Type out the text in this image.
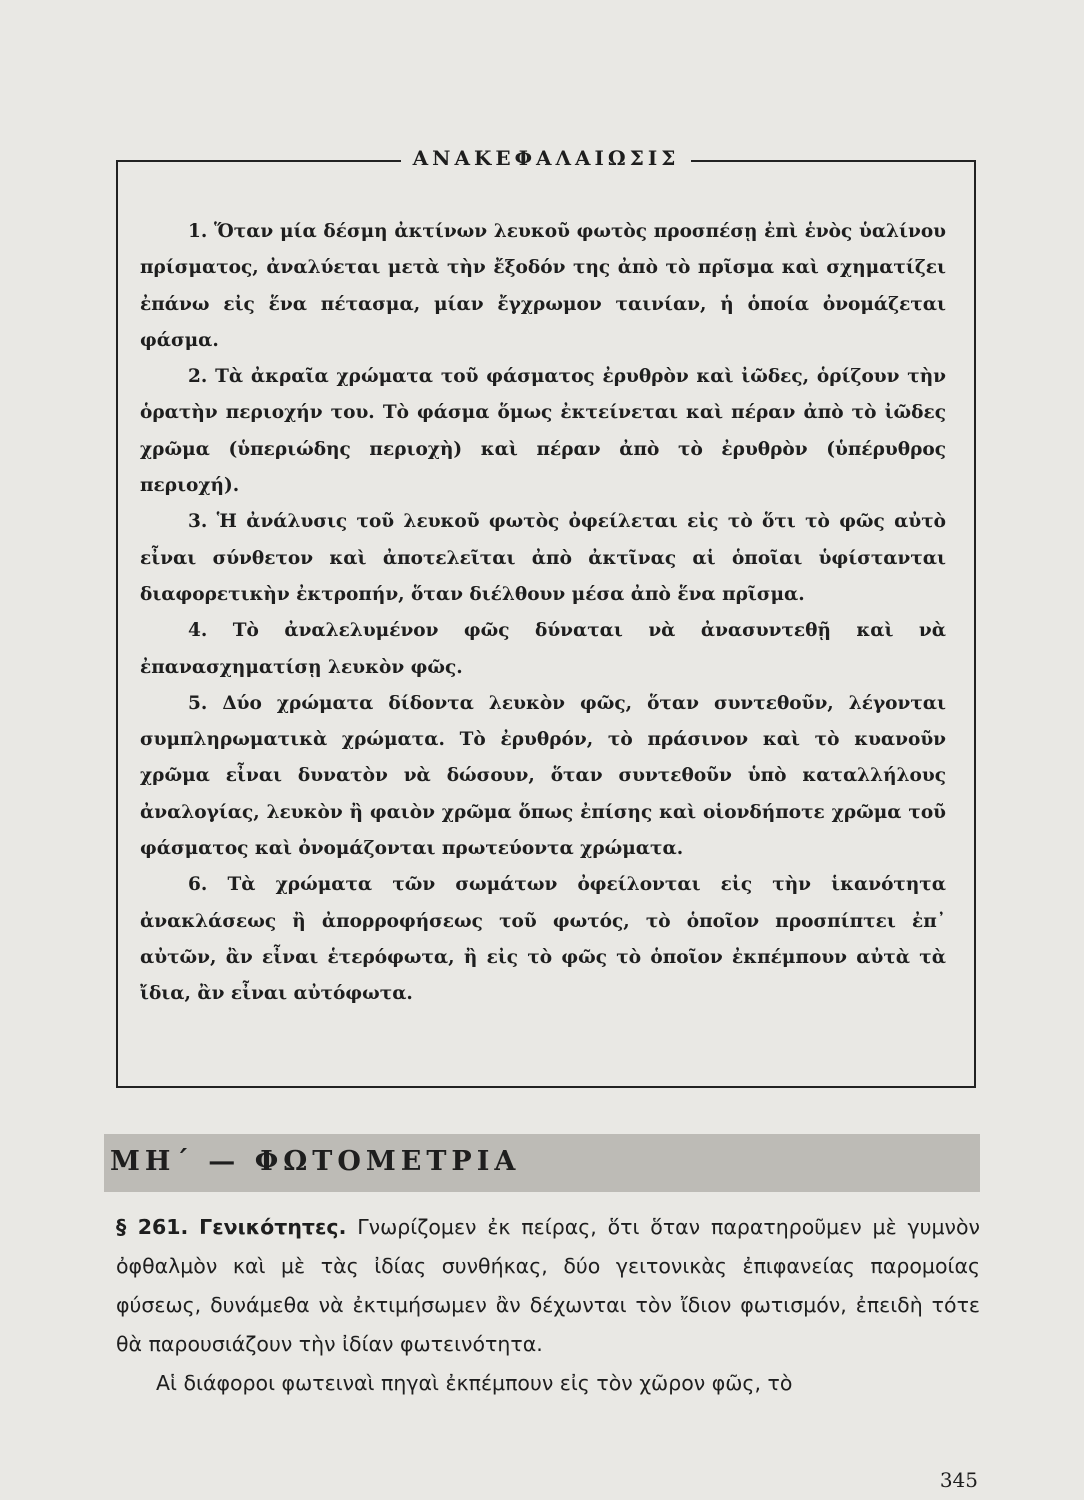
ΑΝΑΚΕΦΑΛΑΙΩΣΙΣ

1. Ὅταν μία δέσμη ἀκτίνων λευκοῦ φωτὸς προσπέσῃ ἐπὶ ἑνὸς ὑαλίνου πρίσματος, ἀναλύεται μετὰ τὴν ἔξοδόν της ἀπὸ τὸ πρῖσμα καὶ σχηματίζει ἐπάνω εἰς ἕνα πέτασμα, μίαν ἔγχρωμον ταινίαν, ἡ ὁποία ὀνομάζεται φάσμα.

2. Τὰ ἀκραῖα χρώματα τοῦ φάσματος ἐρυθρὸν καὶ ἰῶδες, ὁρίζουν τὴν ὁρατὴν περιοχήν του. Τὸ φάσμα ὅμως ἐκτείνεται καὶ πέραν ἀπὸ τὸ ἰῶδες χρῶμα (ὑπεριώδης περιοχὴ) καὶ πέραν ἀπὸ τὸ ἐρυθρὸν (ὑπέρυθρος περιοχή).

3. Ἡ ἀνάλυσις τοῦ λευκοῦ φωτὸς ὀφείλεται εἰς τὸ ὅτι τὸ φῶς αὐτὸ εἶναι σύνθετον καὶ ἀποτελεῖται ἀπὸ ἀκτῖνας αἱ ὁποῖαι ὑφίστανται διαφορετικὴν ἐκτροπήν, ὅταν διέλθουν μέσα ἀπὸ ἕνα πρῖσμα.

4. Τὸ ἀναλελυμένον φῶς δύναται νὰ ἀνασυντεθῇ καὶ νὰ ἐπανασχηματίσῃ λευκὸν φῶς.

5. Δύο χρώματα δίδοντα λευκὸν φῶς, ὅταν συντεθοῦν, λέγονται συμπληρωματικὰ χρώματα. Τὸ ἐρυθρόν, τὸ πράσινον καὶ τὸ κυανοῦν χρῶμα εἶναι δυνατὸν νὰ δώσουν, ὅταν συντεθοῦν ὑπὸ καταλλήλους ἀναλογίας, λευκὸν ἢ φαιὸν χρῶμα ὅπως ἐπίσης καὶ οἱονδήποτε χρῶμα τοῦ φάσματος καὶ ὀνομάζονται πρωτεύοντα χρώματα.

6. Τὰ χρώματα τῶν σωμάτων ὀφείλονται εἰς τὴν ἱκανότητα ἀνακλάσεως ἢ ἀπορροφήσεως τοῦ φωτός, τὸ ὁποῖον προσπίπτει ἐπ᾽ αὐτῶν, ἂν εἶναι ἑτερόφωτα, ἢ εἰς τὸ φῶς τὸ ὁποῖον ἐκπέμπουν αὐτὰ τὰ ἴδια, ἂν εἶναι αὐτόφωτα.

ΜΗ΄ — ΦΩΤΟΜΕΤΡΙΑ

§ 261. Γενικότητες. Γνωρίζομεν ἐκ πείρας, ὅτι ὅταν παρατηροῦμεν μὲ γυμνὸν ὀφθαλμὸν καὶ μὲ τὰς ἰδίας συνθήκας, δύο γειτονικὰς ἐπιφανείας παρομοίας φύσεως, δυνάμεθα νὰ ἐκτιμήσωμεν ἂν δέχωνται τὸν ἴδιον φωτισμόν, ἐπειδὴ τότε θὰ παρουσιάζουν τὴν ἰδίαν φωτεινότητα.

Αἱ διάφοροι φωτειναὶ πηγαὶ ἐκπέμπουν εἰς τὸν χῶρον φῶς, τὸ

345
